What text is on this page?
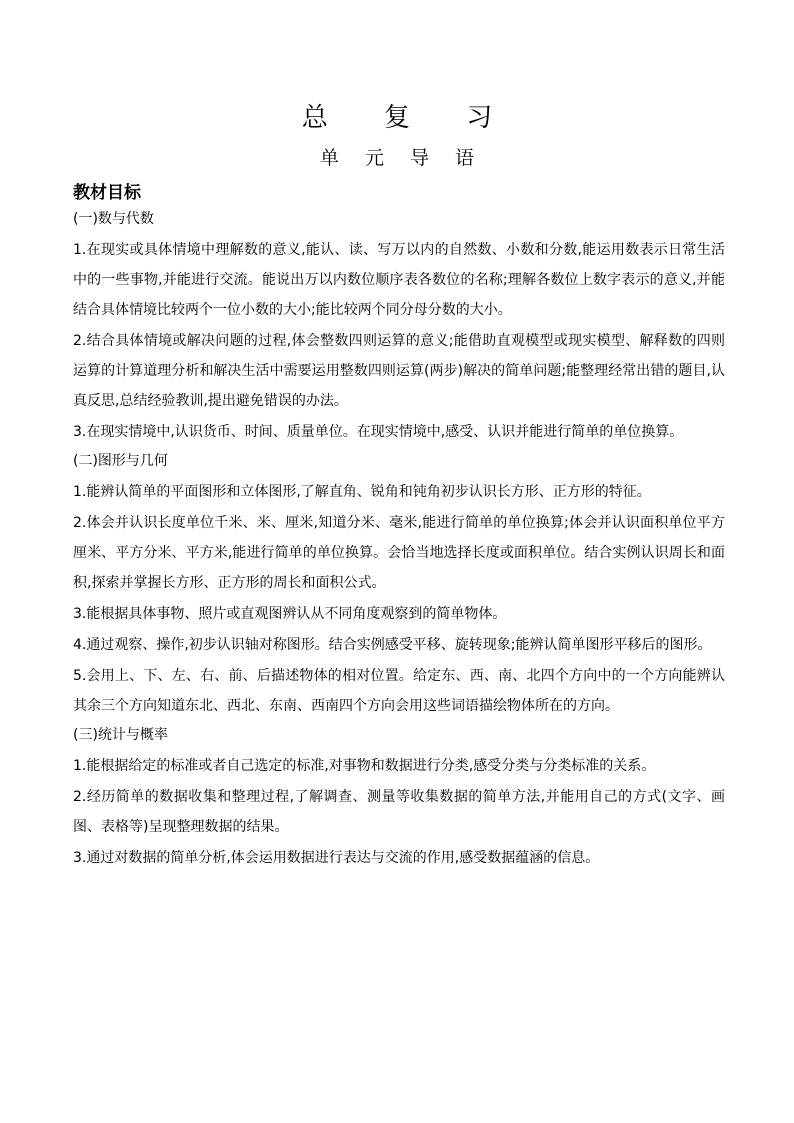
总 复 习
单 元 导 语

教材目标

(一)数与代数

1.在现实或具体情境中理解数的意义,能认、读、写万以内的自然数、小数和分数,能运用数表示日常生活中的一些事物,并能进行交流。能说出万以内数位顺序表各数位的名称;理解各数位上数字表示的意义,并能结合具体情境比较两个一位小数的大小;能比较两个同分母分数的大小。

2.结合具体情境或解决问题的过程,体会整数四则运算的意义;能借助直观模型或现实模型、解释数的四则运算的计算道理分析和解决生活中需要运用整数四则运算(两步)解决的简单问题;能整理经常出错的题目,认真反思,总结经验教训,提出避免错误的办法。

3.在现实情境中,认识货币、时间、质量单位。在现实情境中,感受、认识并能进行简单的单位换算。

(二)图形与几何

1.能辨认简单的平面图形和立体图形,了解直角、锐角和钝角初步认识长方形、正方形的特征。

2.体会并认识长度单位千米、米、厘米,知道分米、毫米,能进行简单的单位换算;体会并认识面积单位平方厘米、平方分米、平方米,能进行简单的单位换算。会恰当地选择长度或面积单位。结合实例认识周长和面积,探索并掌握长方形、正方形的周长和面积公式。

3.能根据具体事物、照片或直观图辨认从不同角度观察到的简单物体。

4.通过观察、操作,初步认识轴对称图形。结合实例感受平移、旋转现象;能辨认简单图形平移后的图形。

5.会用上、下、左、右、前、后描述物体的相对位置。给定东、西、南、北四个方向中的一个方向能辨认其余三个方向知道东北、西北、东南、西南四个方向会用这些词语描绘物体所在的方向。

(三)统计与概率

1.能根据给定的标准或者自己选定的标准,对事物和数据进行分类,感受分类与分类标准的关系。

2.经历简单的数据收集和整理过程,了解调查、测量等收集数据的简单方法,并能用自己的方式(文字、画图、表格等)呈现整理数据的结果。

3.通过对数据的简单分析,体会运用数据进行表达与交流的作用,感受数据蕴涵的信息。
